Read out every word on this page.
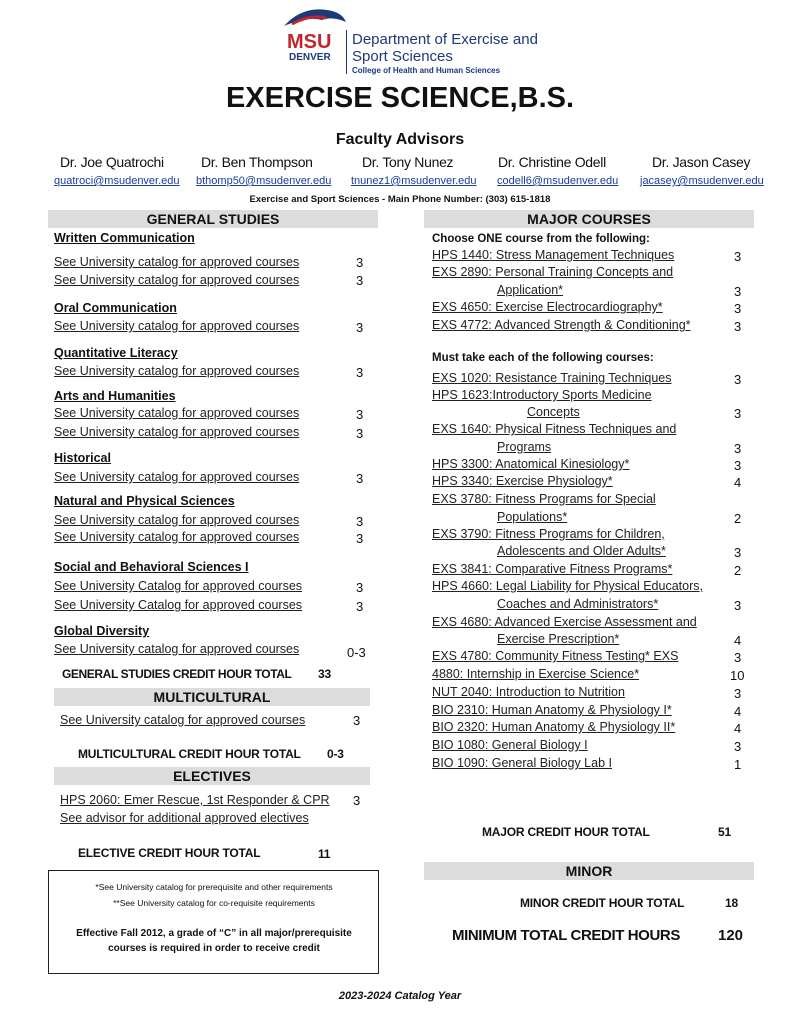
MSU
DENVER
Department of Exercise and
Sport Sciences
College of Health and Human Sciences
EXERCISE SCIENCE,B.S.
Faculty Advisors
Dr. Joe Quatrochi	Dr. Ben Thompson	Dr. Tony Nunez	Dr. Christine Odell	Dr. Jason Casey
quatroci@msudenver.edu bthomp50@msudenver.edu tnunez1@msudenver.edu codell6@msudenver.edu jacasey@msudenver.edu
Exercise and Sport Sciences - Main Phone Number: (303) 615-1818
GENERAL STUDIES
Written Communication
See University catalog for approved courses	3
See University catalog for approved courses	3
Oral Communication
See University catalog for approved courses	3
Quantitative Literacy
See University catalog for approved courses	3
Arts and Humanities
See University catalog for approved courses	3
See University catalog for approved courses	3
Historical
See University catalog for approved courses	3
Natural and Physical Sciences
See University catalog for approved courses	3
See University catalog for approved courses	3
Social and Behavioral Sciences I
See University Catalog for approved courses	3
See University Catalog for approved courses	3
Global Diversity
See University catalog for approved courses	0-3
GENERAL STUDIES CREDIT HOUR TOTAL 33
MULTICULTURAL
See University catalog for approved courses	3
MULTICULTURAL CREDIT HOUR TOTAL 0-3
ELECTIVES
HPS 2060: Emer Rescue, 1st Responder & CPR 3
See advisor for additional approved electives
ELECTIVE CREDIT HOUR TOTAL	11
*See University catalog for prerequisite and other requirements
**See University catalog for co-requisite requirements
Effective Fall 2012, a grade of “C” in all major/prerequisite
courses is required in order to receive credit
MAJOR COURSES
Choose ONE course from the following:
Must take each of the following courses:
HPS 1440: Stress Management Techniques	3
EXS 2890: Personal Training Concepts and
Application*	3
EXS 4650: Exercise Electrocardiography*	3
EXS 4772: Advanced Strength & Conditioning*	3
EXS 1020: Resistance Training Techniques	3
HPS 1623:Introductory Sports Medicine
Concepts	3
EXS 1640: Physical Fitness Techniques and
Programs	3
HPS 3300: Anatomical Kinesiology*	3
HPS 3340: Exercise Physiology*	4
EXS 3780: Fitness Programs for Special
Populations*	2
EXS 3790: Fitness Programs for Children,
Adolescents and Older Adults*	3
EXS 3841: Comparative Fitness Programs*	2
HPS 4660: Legal Liability for Physical Educators,
Coaches and Administrators*	3
EXS 4680: Advanced Exercise Assessment and
Exercise Prescription*	4
EXS 4780: Community Fitness Testing* EXS	3
4880: Internship in Exercise Science*	10
NUT 2040: Introduction to Nutrition	3
BIO 2310: Human Anatomy & Physiology I*	4
BIO 2320: Human Anatomy & Physiology II*	4
BIO 1080: General Biology I	3
BIO 1090: General Biology Lab I	1
MAJOR CREDIT HOUR TOTAL	51
MINOR
MINOR CREDIT HOUR TOTAL	18
MINIMUM TOTAL CREDIT HOURS	120
2023-2024 Catalog Year
